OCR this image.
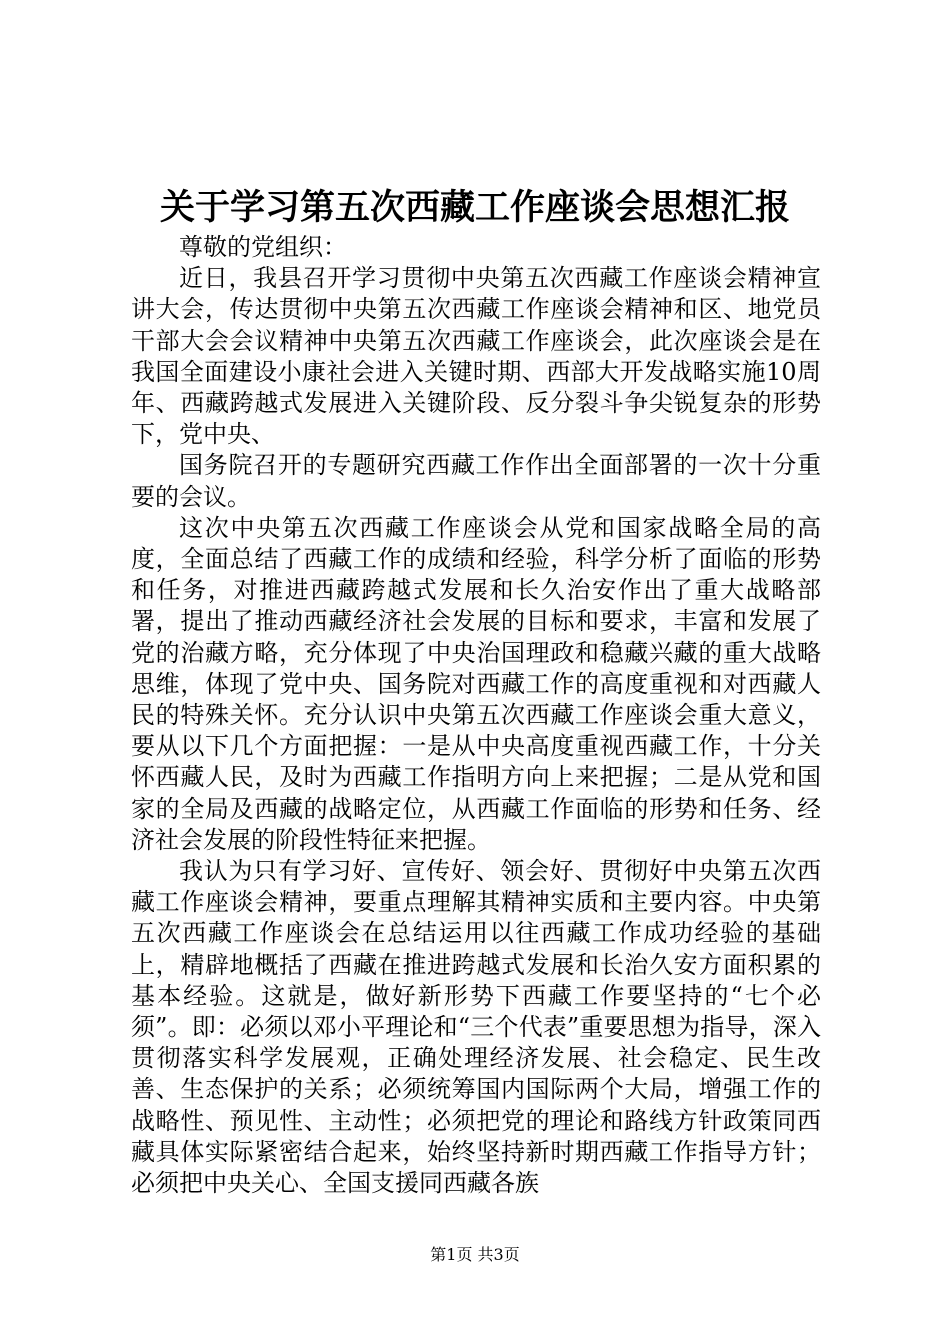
关于学习第五次西藏工作座谈会思想汇报

尊敬的党组织：

近日，我县召开学习贯彻中央第五次西藏工作座谈会精神宣讲大会，传达贯彻中央第五次西藏工作座谈会精神和区、地党员干部大会会议精神中央第五次西藏工作座谈会，此次座谈会是在我国全面建设小康社会进入关键时期、西部大开发战略实施10周年、西藏跨越式发展进入关键阶段、反分裂斗争尖锐复杂的形势下，党中央、

国务院召开的专题研究西藏工作作出全面部署的一次十分重要的会议。

这次中央第五次西藏工作座谈会从党和国家战略全局的高度，全面总结了西藏工作的成绩和经验，科学分析了面临的形势和任务，对推进西藏跨越式发展和长久治安作出了重大战略部署，提出了推动西藏经济社会发展的目标和要求，丰富和发展了党的治藏方略，充分体现了中央治国理政和稳藏兴藏的重大战略思维，体现了党中央、国务院对西藏工作的高度重视和对西藏人民的特殊关怀。充分认识中央第五次西藏工作座谈会重大意义，要从以下几个方面把握：一是从中央高度重视西藏工作，十分关怀西藏人民，及时为西藏工作指明方向上来把握；二是从党和国家的全局及西藏的战略定位，从西藏工作面临的形势和任务、经济社会发展的阶段性特征来把握。

我认为只有学习好、宣传好、领会好、贯彻好中央第五次西藏工作座谈会精神，要重点理解其精神实质和主要内容。中央第五次西藏工作座谈会在总结运用以往西藏工作成功经验的基础上，精辟地概括了西藏在推进跨越式发展和长治久安方面积累的基本经验。这就是，做好新形势下西藏工作要坚持的“七个必须”。即：必须以邓小平理论和“三个代表”重要思想为指导，深入贯彻落实科学发展观，正确处理经济发展、社会稳定、民生改善、生态保护的关系；必须统筹国内国际两个大局，增强工作的战略性、预见性、主动性；必须把党的理论和路线方针政策同西藏具体实际紧密结合起来，始终坚持新时期西藏工作指导方针；必须把中央关心、全国支援同西藏各族

第1页 共3页
